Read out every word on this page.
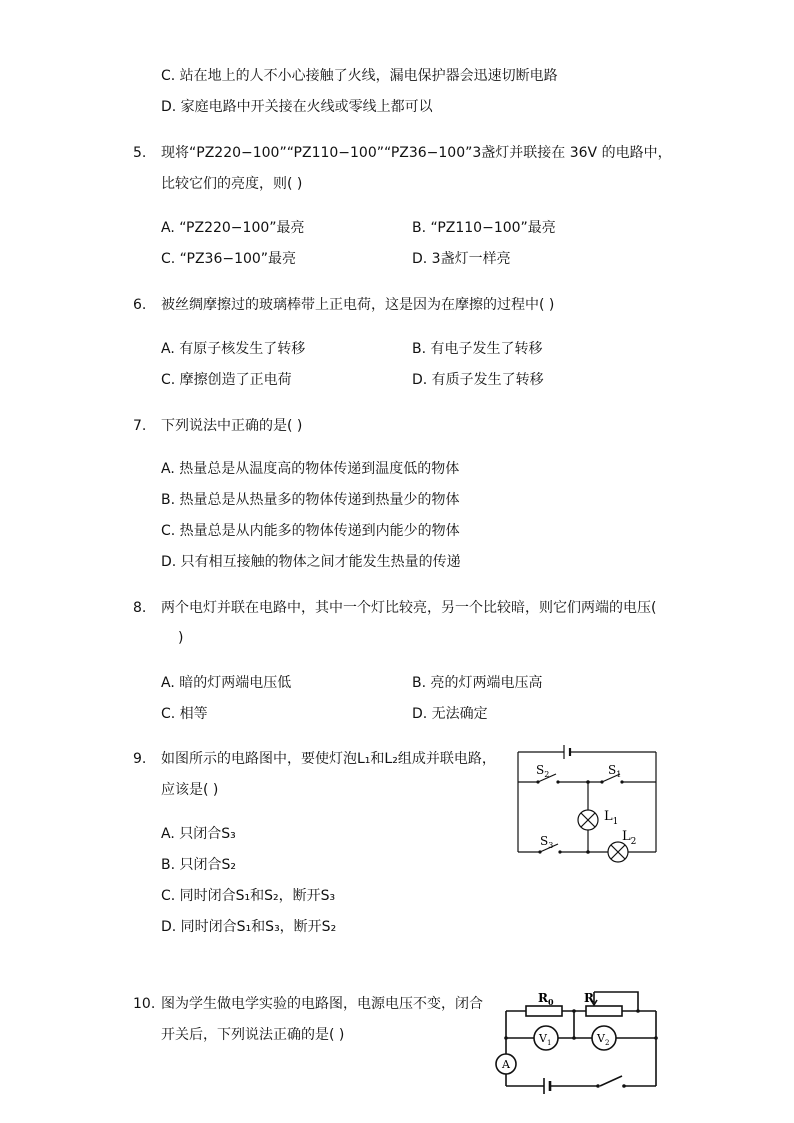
C. 站在地上的人不小心接触了火线，漏电保护器会迅速切断电路
D. 家庭电路中开关接在火线或零线上都可以
5. 现将“PZ220−100”“PZ110−100”“PZ36−100”3盏灯并联接在 36V 的电路中，
比较它们的亮度，则( )
A. “PZ220−100”最亮	B. “PZ110−100”最亮
C. “PZ36−100”最亮	D. 3盏灯一样亮
6. 被丝绸摩擦过的玻璃棒带上正电荷，这是因为在摩擦的过程中( )
A. 有原子核发生了转移	B. 有电子发生了转移
C. 摩擦创造了正电荷	D. 有质子发生了转移
7. 下列说法中正确的是( )
A. 热量总是从温度高的物体传递到温度低的物体
B. 热量总是从热量多的物体传递到热量少的物体
C. 热量总是从内能多的物体传递到内能少的物体
D. 只有相互接触的物体之间才能发生热量的传递
8. 两个电灯并联在电路中，其中一个灯比较亮，另一个比较暗，则它们两端的电压(
)
A. 暗的灯两端电压低	B. 亮的灯两端电压高
C. 相等	D. 无法确定
9. 如图所示的电路图中，要使灯泡L₁和L₂组成并联电路，
应该是( )
A. 只闭合S₃
B. 只闭合S₂
C. 同时闭合S₁和S₂，断开S₃
D. 同时闭合S₁和S₃，断开S₂
$S_2$	$S_1$
$S_3$
$L_1$
$L_2$
10. 图为学生做电学实验的电路图，电源电压不变，闭合
开关后，下列说法正确的是( )
$R_0$	R
$V_1$	$V_2$
A
